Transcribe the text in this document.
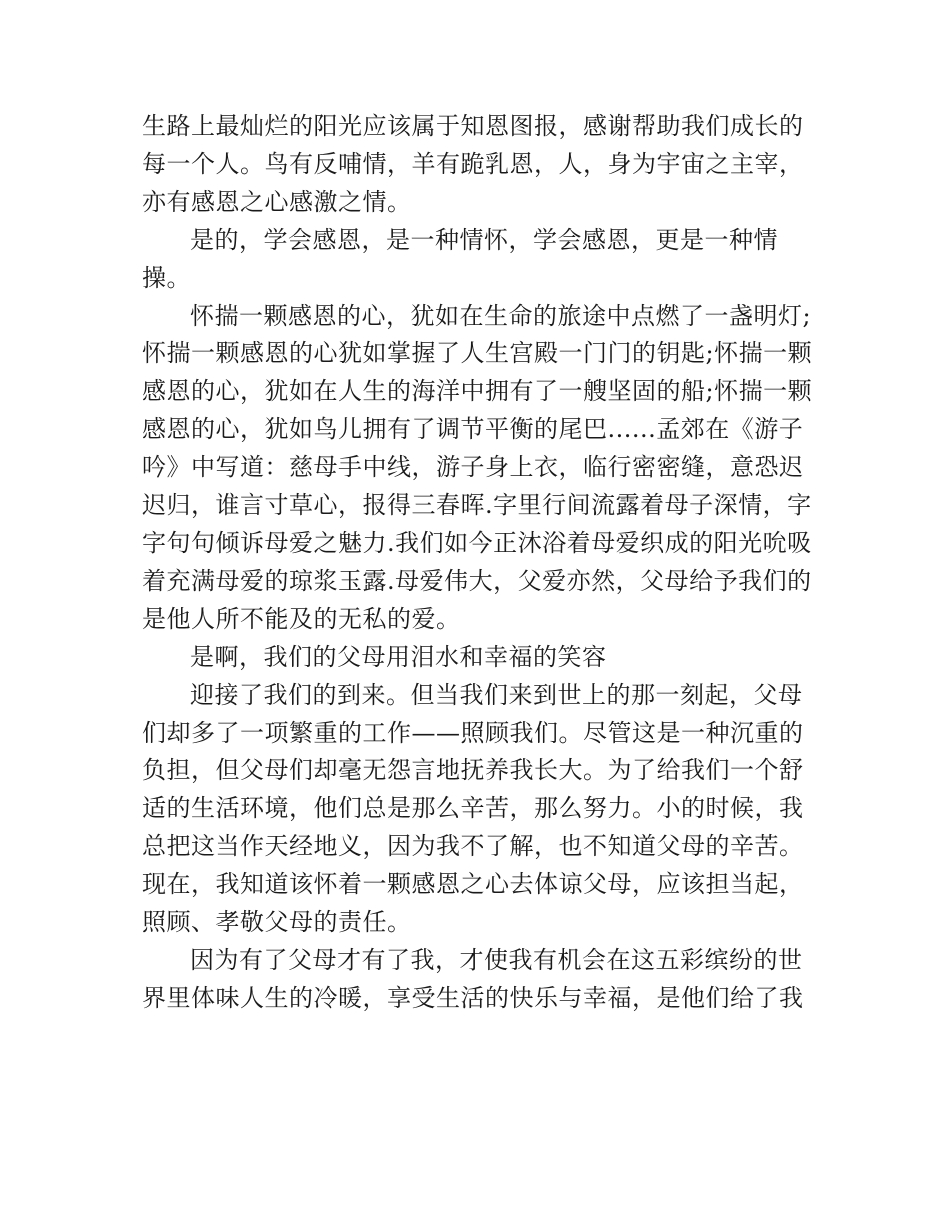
生路上最灿烂的阳光应该属于知恩图报，感谢帮助我们成长的每一个人。鸟有反哺情，羊有跪乳恩，人，身为宇宙之主宰，亦有感恩之心感激之情。

是的，学会感恩，是一种情怀，学会感恩，更是一种情操。

怀揣一颗感恩的心，犹如在生命的旅途中点燃了一盏明灯;怀揣一颗感恩的心犹如掌握了人生宫殿一门门的钥匙;怀揣一颗感恩的心，犹如在人生的海洋中拥有了一艘坚固的船;怀揣一颗感恩的心，犹如鸟儿拥有了调节平衡的尾巴......孟郊在《游子吟》中写道：慈母手中线，游子身上衣，临行密密缝，意恐迟迟归，谁言寸草心，报得三春晖.字里行间流露着母子深情，字字句句倾诉母爱之魅力.我们如今正沐浴着母爱织成的阳光吮吸着充满母爱的琼浆玉露.母爱伟大，父爱亦然，父母给予我们的是他人所不能及的无私的爱。

是啊，我们的父母用泪水和幸福的笑容

迎接了我们的到来。但当我们来到世上的那一刻起，父母们却多了一项繁重的工作——照顾我们。尽管这是一种沉重的负担，但父母们却毫无怨言地抚养我长大。为了给我们一个舒适的生活环境，他们总是那么辛苦，那么努力。小的时候，我总把这当作天经地义，因为我不了解，也不知道父母的辛苦。现在，我知道该怀着一颗感恩之心去体谅父母，应该担当起，照顾、孝敬父母的责任。

因为有了父母才有了我，才使我有机会在这五彩缤纷的世界里体味人生的冷暖，享受生活的快乐与幸福，是他们给了我
